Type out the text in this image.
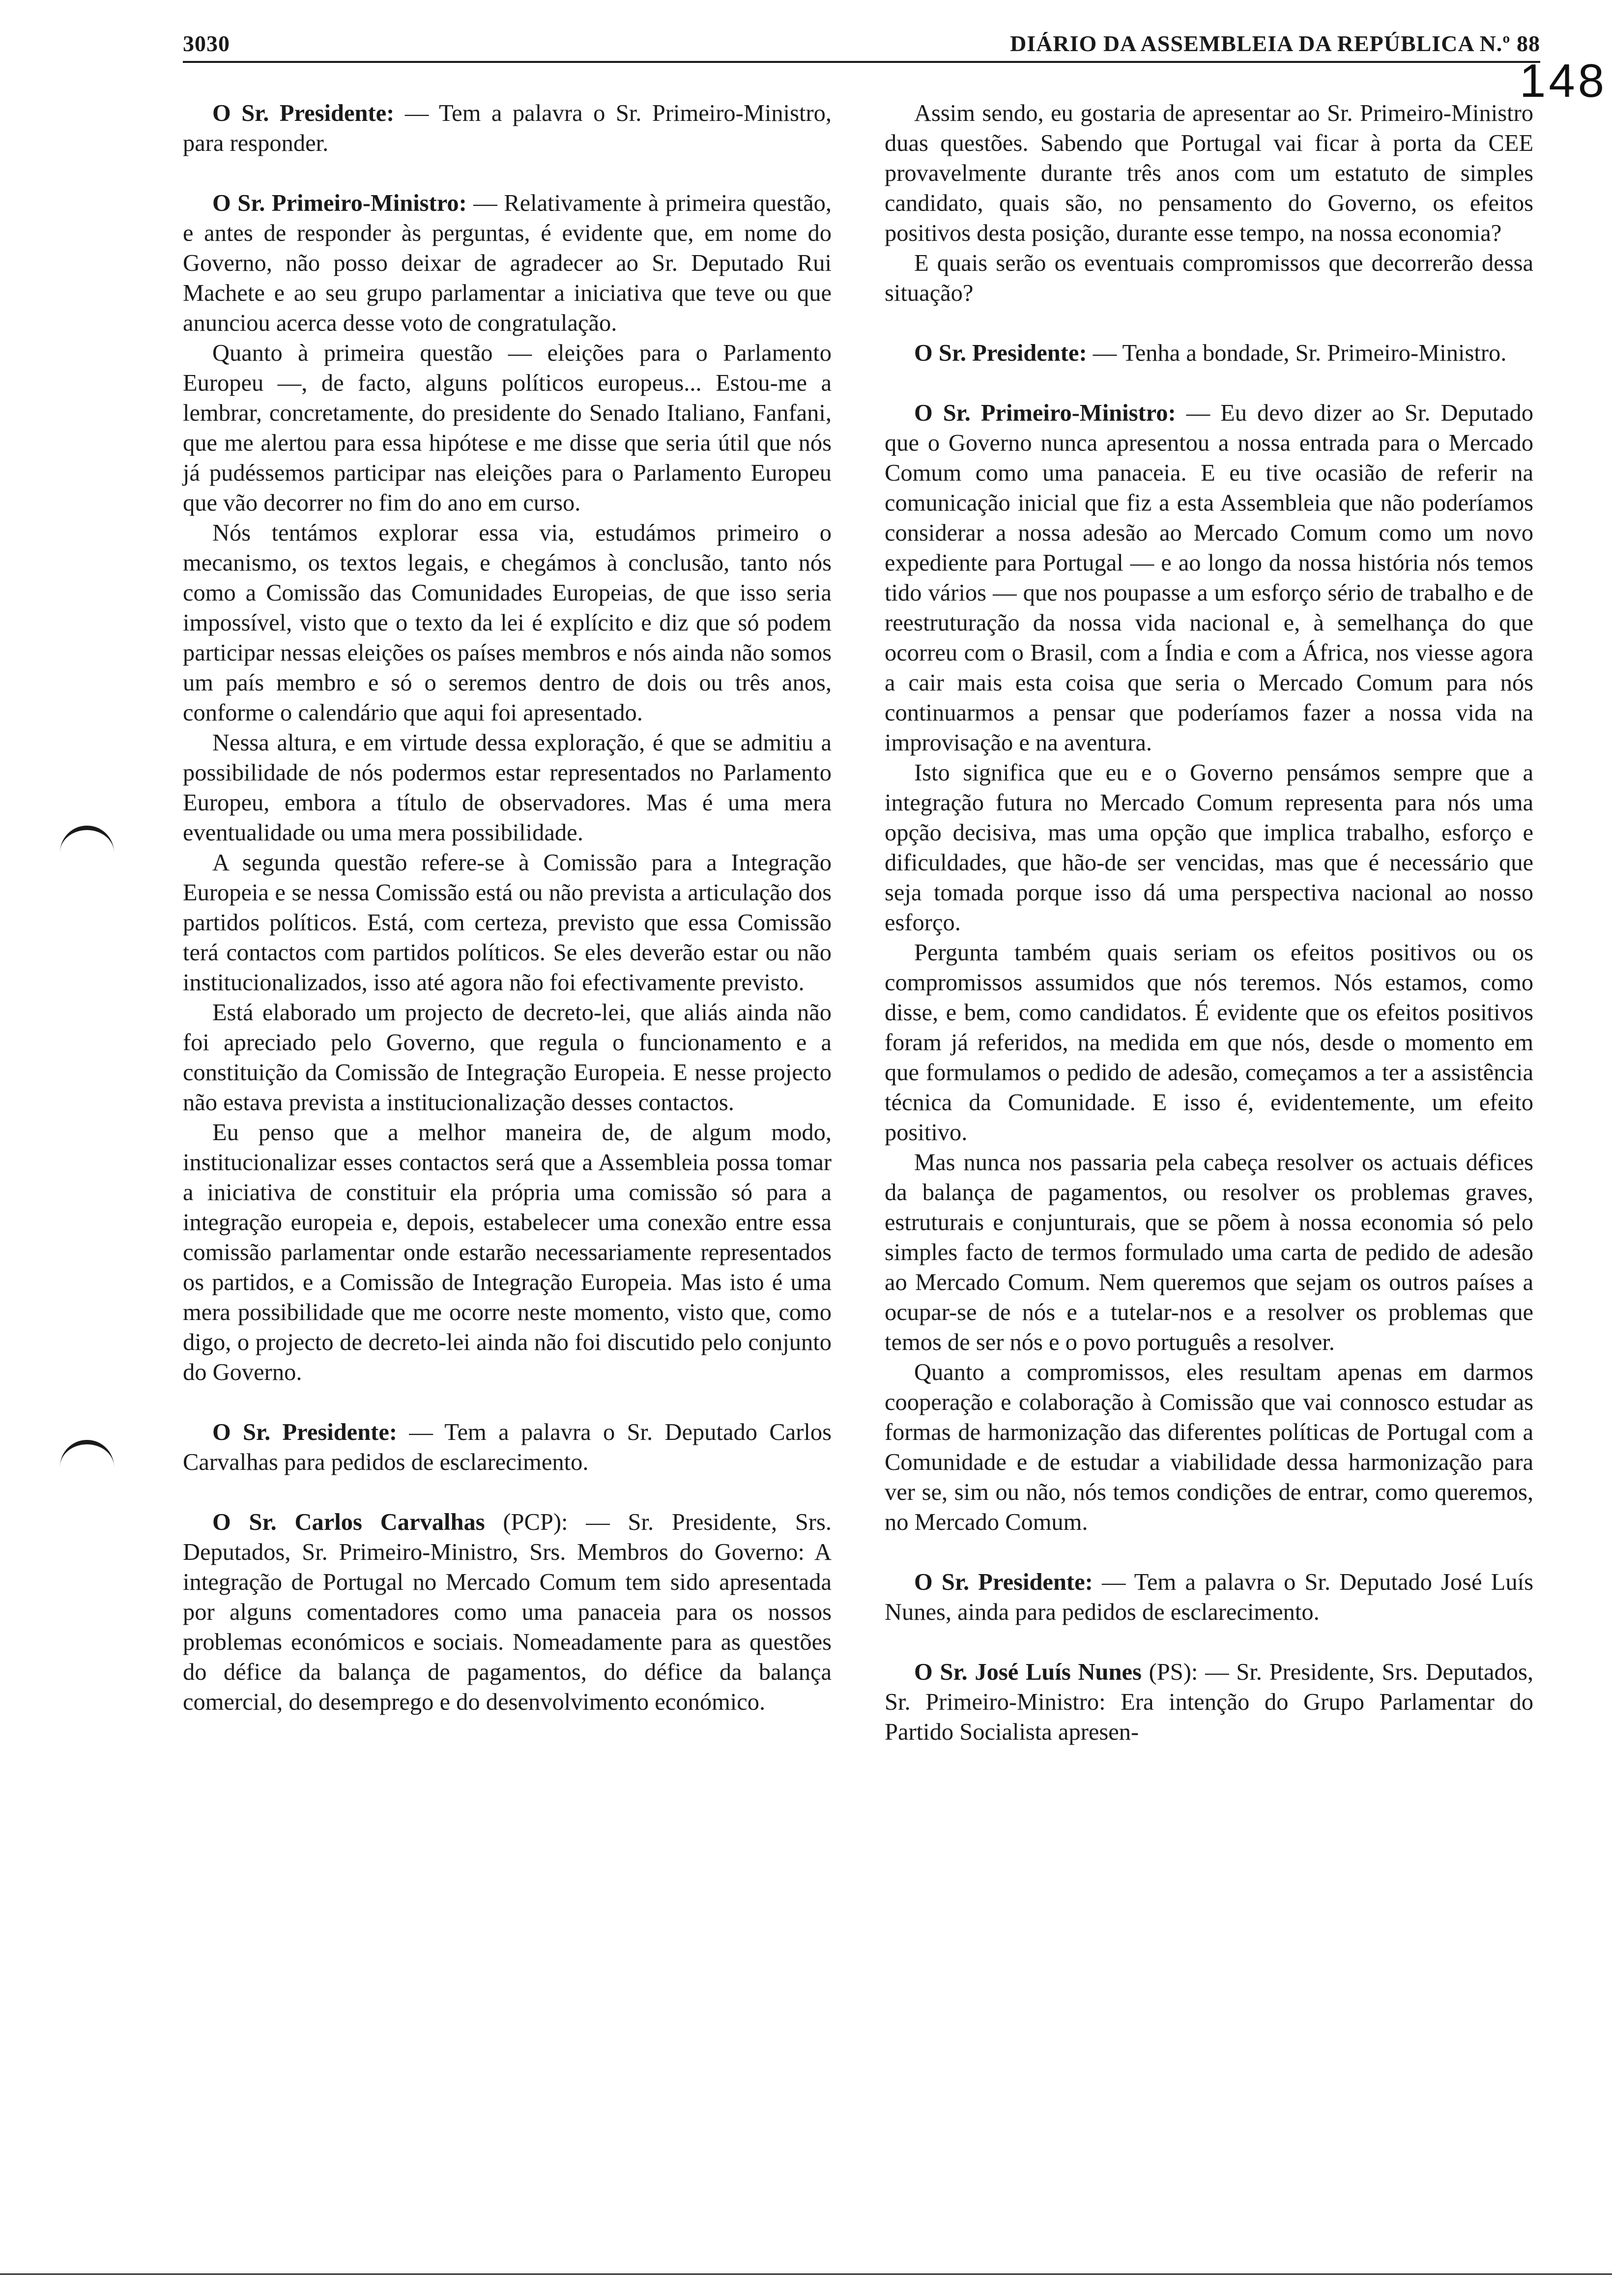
3030	DIÁRIO DA ASSEMBLEIA DA REPÚBLICA N.º 88
148

O Sr. Presidente: — Tem a palavra o Sr. Primeiro-Ministro, para responder.

O Sr. Primeiro-Ministro: — Relativamente à primeira questão, e antes de responder às perguntas, é evidente que, em nome do Governo, não posso deixar de agradecer ao Sr. Deputado Rui Machete e ao seu grupo parlamentar a iniciativa que teve ou que anunciou acerca desse voto de congratulação.

Quanto à primeira questão — eleições para o Parlamento Europeu —, de facto, alguns políticos europeus... Estou-me a lembrar, concretamente, do presidente do Senado Italiano, Fanfani, que me alertou para essa hipótese e me disse que seria útil que nós já pudéssemos participar nas eleições para o Parlamento Europeu que vão decorrer no fim do ano em curso.

Nós tentámos explorar essa via, estudámos primeiro o mecanismo, os textos legais, e chegámos à conclusão, tanto nós como a Comissão das Comunidades Europeias, de que isso seria impossível, visto que o texto da lei é explícito e diz que só podem participar nessas eleições os países membros e nós ainda não somos um país membro e só o seremos dentro de dois ou três anos, conforme o calendário que aqui foi apresentado.

Nessa altura, e em virtude dessa exploração, é que se admitiu a possibilidade de nós podermos estar representados no Parlamento Europeu, embora a título de observadores. Mas é uma mera eventualidade ou uma mera possibilidade.

A segunda questão refere-se à Comissão para a Integração Europeia e se nessa Comissão está ou não prevista a articulação dos partidos políticos. Está, com certeza, previsto que essa Comissão terá contactos com partidos políticos. Se eles deverão estar ou não institucionalizados, isso até agora não foi efectivamente previsto.

Está elaborado um projecto de decreto-lei, que aliás ainda não foi apreciado pelo Governo, que regula o funcionamento e a constituição da Comissão de Integração Europeia. E nesse projecto não estava prevista a institucionalização desses contactos.

Eu penso que a melhor maneira de, de algum modo, institucionalizar esses contactos será que a Assembleia possa tomar a iniciativa de constituir ela própria uma comissão só para a integração europeia e, depois, estabelecer uma conexão entre essa comissão parlamentar onde estarão necessariamente representados os partidos, e a Comissão de Integração Europeia. Mas isto é uma mera possibilidade que me ocorre neste momento, visto que, como digo, o projecto de decreto-lei ainda não foi discutido pelo conjunto do Governo.

O Sr. Presidente: — Tem a palavra o Sr. Deputado Carlos Carvalhas para pedidos de esclarecimento.

O Sr. Carlos Carvalhas (PCP): — Sr. Presidente, Srs. Deputados, Sr. Primeiro-Ministro, Srs. Membros do Governo: A integração de Portugal no Mercado Comum tem sido apresentada por alguns comentadores como uma panaceia para os nossos problemas económicos e sociais. Nomeadamente para as questões do défice da balança de pagamentos, do défice da balança comercial, do desemprego e do desenvolvimento económico.

Assim sendo, eu gostaria de apresentar ao Sr. Primeiro-Ministro duas questões. Sabendo que Portugal vai ficar à porta da CEE provavelmente durante três anos com um estatuto de simples candidato, quais são, no pensamento do Governo, os efeitos positivos desta posição, durante esse tempo, na nossa economia?

E quais serão os eventuais compromissos que decorrerão dessa situação?

O Sr. Presidente: — Tenha a bondade, Sr. Primeiro-Ministro.

O Sr. Primeiro-Ministro: — Eu devo dizer ao Sr. Deputado que o Governo nunca apresentou a nossa entrada para o Mercado Comum como uma panaceia. E eu tive ocasião de referir na comunicação inicial que fiz a esta Assembleia que não poderíamos considerar a nossa adesão ao Mercado Comum como um novo expediente para Portugal — e ao longo da nossa história nós temos tido vários — que nos poupasse a um esforço sério de trabalho e de reestruturação da nossa vida nacional e, à semelhança do que ocorreu com o Brasil, com a Índia e com a África, nos viesse agora a cair mais esta coisa que seria o Mercado Comum para nós continuarmos a pensar que poderíamos fazer a nossa vida na improvisação e na aventura.

Isto significa que eu e o Governo pensámos sempre que a integração futura no Mercado Comum representa para nós uma opção decisiva, mas uma opção que implica trabalho, esforço e dificuldades, que hão-de ser vencidas, mas que é necessário que seja tomada porque isso dá uma perspectiva nacional ao nosso esforço.

Pergunta também quais seriam os efeitos positivos ou os compromissos assumidos que nós teremos. Nós estamos, como disse, e bem, como candidatos. É evidente que os efeitos positivos foram já referidos, na medida em que nós, desde o momento em que formulamos o pedido de adesão, começamos a ter a assistência técnica da Comunidade. E isso é, evidentemente, um efeito positivo.

Mas nunca nos passaria pela cabeça resolver os actuais défices da balança de pagamentos, ou resolver os problemas graves, estruturais e conjunturais, que se põem à nossa economia só pelo simples facto de termos formulado uma carta de pedido de adesão ao Mercado Comum. Nem queremos que sejam os outros países a ocupar-se de nós e a tutelar-nos e a resolver os problemas que temos de ser nós e o povo português a resolver.

Quanto a compromissos, eles resultam apenas em darmos cooperação e colaboração à Comissão que vai connosco estudar as formas de harmonização das diferentes políticas de Portugal com a Comunidade e de estudar a viabilidade dessa harmonização para ver se, sim ou não, nós temos condições de entrar, como queremos, no Mercado Comum.

O Sr. Presidente: — Tem a palavra o Sr. Deputado José Luís Nunes, ainda para pedidos de esclarecimento.

O Sr. José Luís Nunes (PS): — Sr. Presidente, Srs. Deputados, Sr. Primeiro-Ministro: Era intenção do Grupo Parlamentar do Partido Socialista apresen-
